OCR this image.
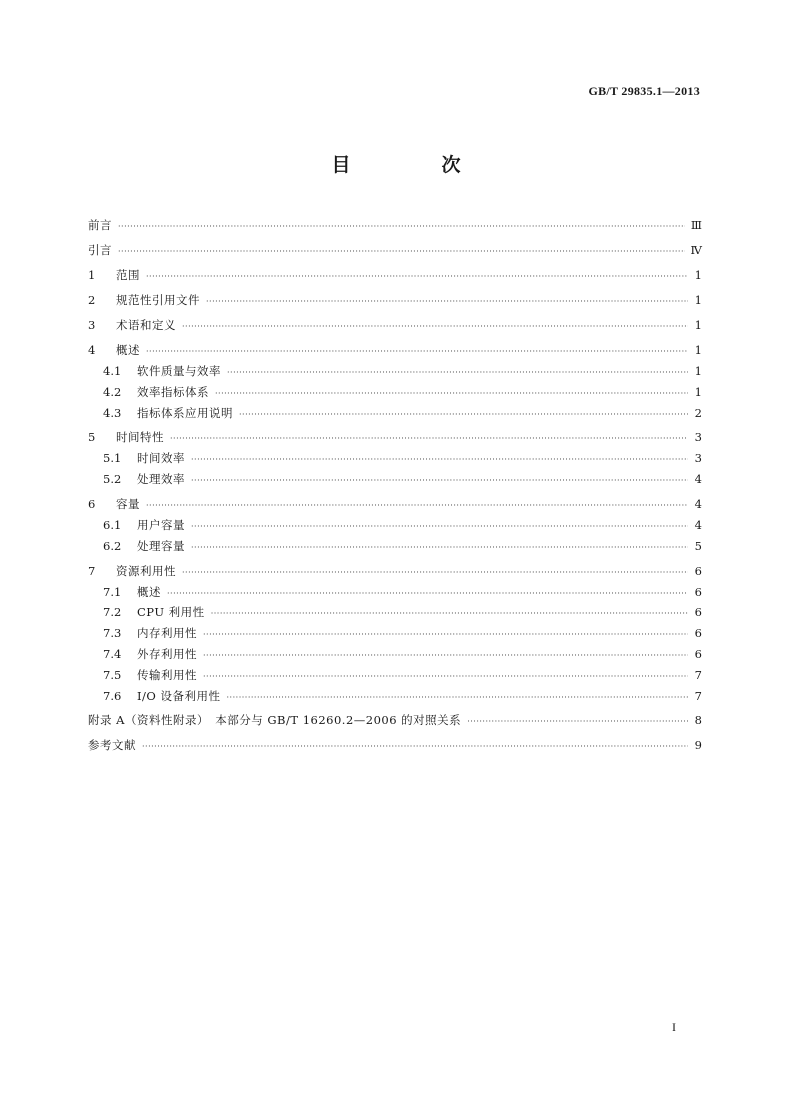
GB/T 29835.1—2013
目　次
前言 ·····	Ⅲ
引言 ·····	Ⅳ
1	范围 ·····	1
2	规范性引用文件 ·····	1
3	术语和定义 ·····	1
4	概述 ·····	1
4.1	软件质量与效率 ·····	1
4.2	效率指标体系 ·····	1
4.3	指标体系应用说明 ·····	2
5	时间特性 ·····	3
5.1	时间效率 ·····	3
5.2	处理效率 ·····	4
6	容量 ·····	4
6.1	用户容量 ·····	4
6.2	处理容量 ·····	5
7	资源利用性 ·····	6
7.1	概述 ·····	6
7.2	CPU 利用性 ·····	6
7.3	内存利用性 ·····	6
7.4	外存利用性 ·····	6
7.5	传输利用性 ·····	7
7.6	I/O 设备利用性 ·····	7
附录 A（资料性附录）　本部分与 GB/T 16260.2—2006 的对照关系 ·····	8
参考文献 ·····	9
I
